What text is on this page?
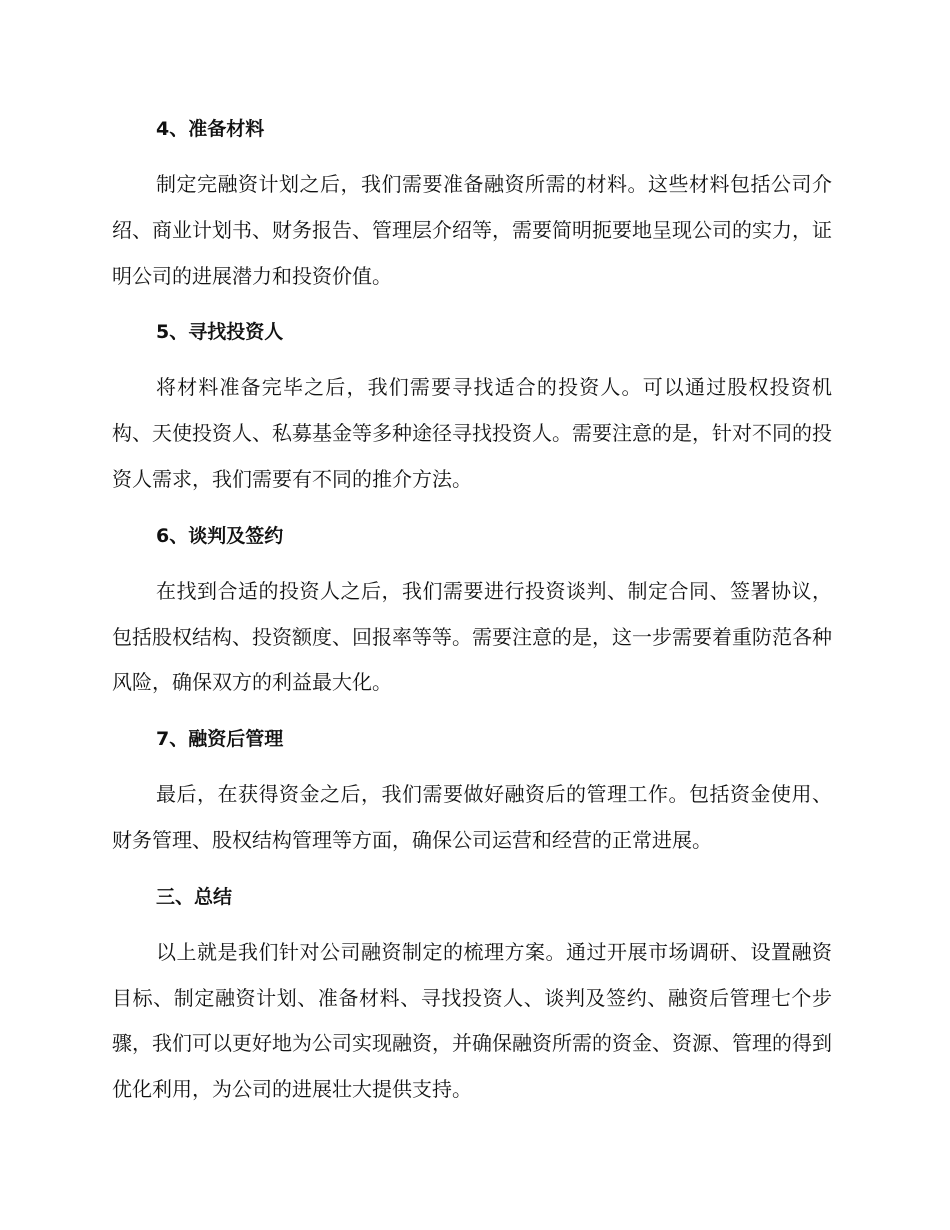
4、准备材料

制定完融资计划之后，我们需要准备融资所需的材料。这些材料包括公司介绍、商业计划书、财务报告、管理层介绍等，需要简明扼要地呈现公司的实力，证明公司的进展潜力和投资价值。

5、寻找投资人

将材料准备完毕之后，我们需要寻找适合的投资人。可以通过股权投资机构、天使投资人、私募基金等多种途径寻找投资人。需要注意的是，针对不同的投资人需求，我们需要有不同的推介方法。

6、谈判及签约

在找到合适的投资人之后，我们需要进行投资谈判、制定合同、签署协议，包括股权结构、投资额度、回报率等等。需要注意的是，这一步需要着重防范各种风险，确保双方的利益最大化。

7、融资后管理

最后，在获得资金之后，我们需要做好融资后的管理工作。包括资金使用、财务管理、股权结构管理等方面，确保公司运营和经营的正常进展。

三、总结

以上就是我们针对公司融资制定的梳理方案。通过开展市场调研、设置融资目标、制定融资计划、准备材料、寻找投资人、谈判及签约、融资后管理七个步骤，我们可以更好地为公司实现融资，并确保融资所需的资金、资源、管理的得到优化利用，为公司的进展壮大提供支持。
